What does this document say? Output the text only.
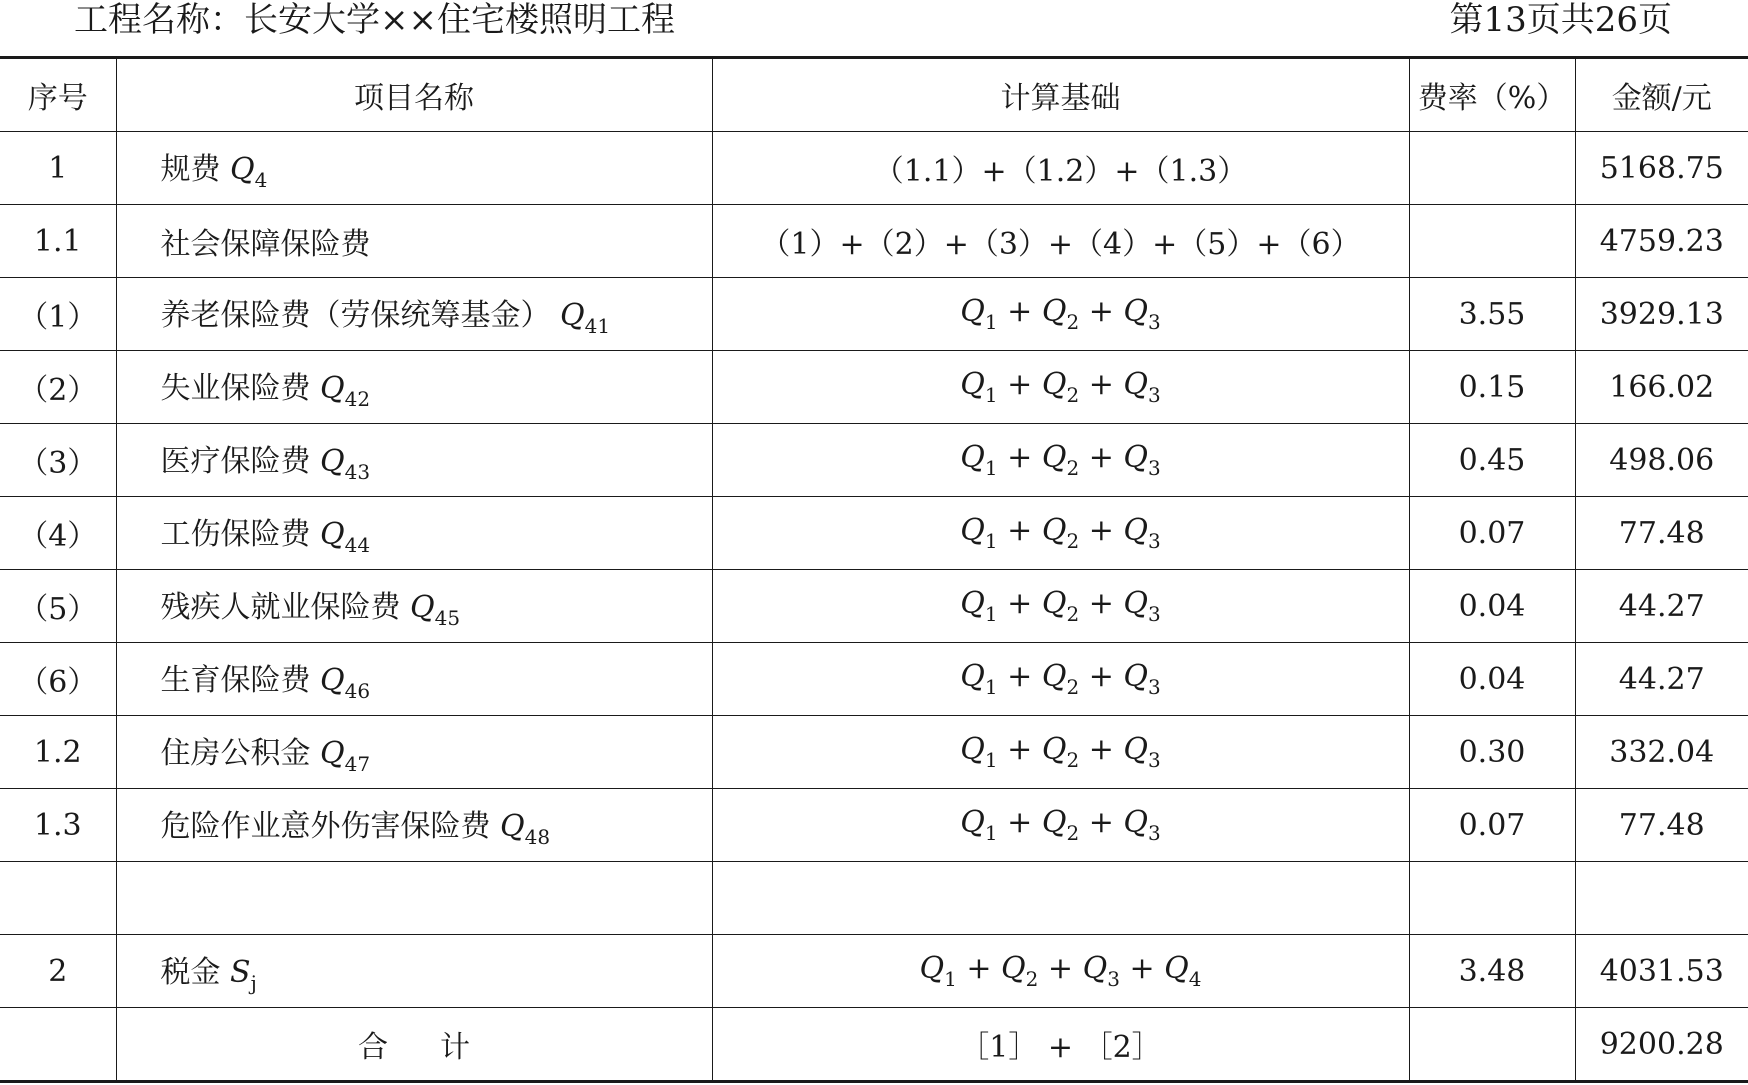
工程名称：长安大学××住宅楼照明工程	第13页共26页
序号	项目名称	计算基础	费率（%）	金额/元
1	规费 $Q_4$	（1.1）+（1.2）+（1.3）		5168.75
1.1	社会保障保险费	（1）+（2）+（3）+（4）+（5）+（6）		4759.23
（1）	养老保险费（劳保统筹基金） $Q_{41}$	$Q_1 + Q_2 + Q_3$	3.55	3929.13
（2）	失业保险费 $Q_{42}$	$Q_1 + Q_2 + Q_3$	0.15	166.02
（3）	医疗保险费 $Q_{43}$	$Q_1 + Q_2 + Q_3$	0.45	498.06
（4）	工伤保险费 $Q_{44}$	$Q_1 + Q_2 + Q_3$	0.07	77.48
（5）	残疾人就业保险费 $Q_{45}$	$Q_1 + Q_2 + Q_3$	0.04	44.27
（6）	生育保险费 $Q_{46}$	$Q_1 + Q_2 + Q_3$	0.04	44.27
1.2	住房公积金 $Q_{47}$	$Q_1 + Q_2 + Q_3$	0.30	332.04
1.3	危险作业意外伤害保险费 $Q_{48}$	$Q_1 + Q_2 + Q_3$	0.07	77.48

2	税金 $S_j$	$Q_1 + Q_2 + Q_3 + Q_4$	3.48	4031.53
	合计	［1］ + ［2］		9200.28
